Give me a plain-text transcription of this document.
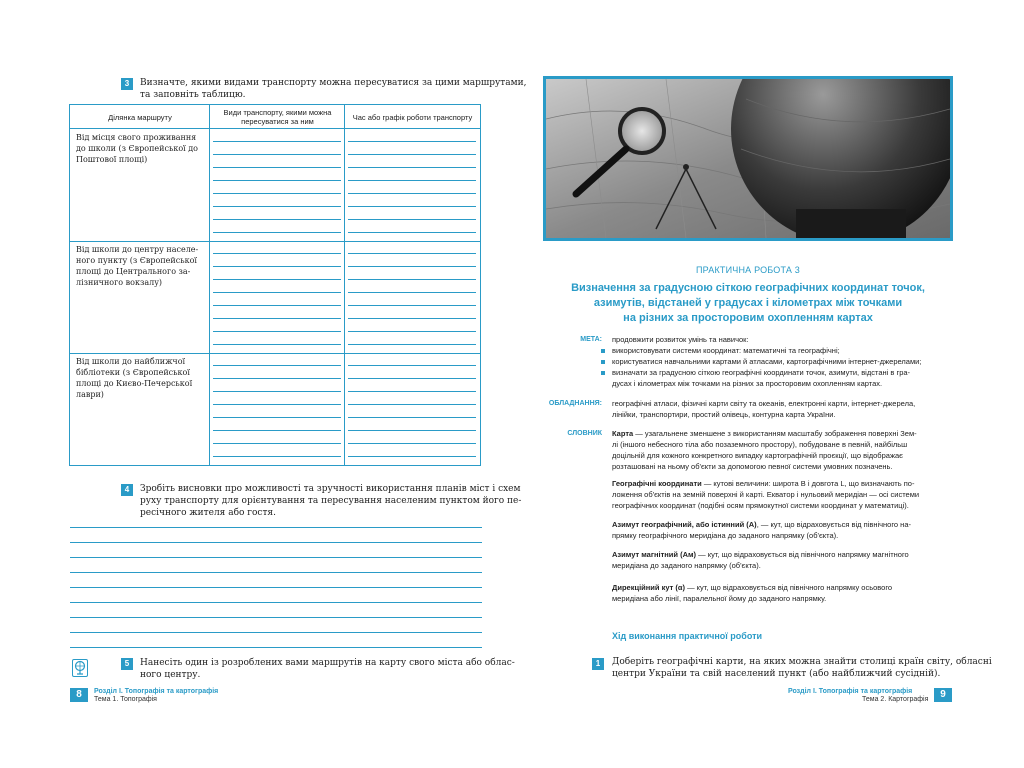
3	Визначте, якими видами транспорту можна пересуватися за цими маршрутами,
та заповніть таблицю.
Ділянка маршруту	Види транспорту, якими можна пересуватися за ним	Час або графік роботи транспорту
Від місця свого проживання
до школи (з Європейської до
Поштової площі)
Від школи до центру населе-
ного пункту (з Європейської
площі до Центрального за-
лізничного вокзалу)
Від школи до найближчої
бібліотеки (з Європейської
площі до Києво-Печерської
лаври)
4	Зробіть висновки про можливості та зручності використання планів міст і схем
руху транспорту для орієнтування та пересування населеним пунктом його пе-
ресічного жителя або гостя.
5	Нанесіть один із розроблених вами маршрутів на карту свого міста або облас-
ного центру.
8	Розділ І. Топографія та картографія
Тема 1. Топографія
ПРАКТИЧНА РОБОТА 3
Визначення за градусною сіткою географічних координат точок,
азимутів, відстаней у градусах і кілометрах між точками
на різних за просторовим охопленням картах
МЕТА: продовжити розвиток умінь та навичок:
використовувати системи координат: математичні та географічні;
користуватися навчальними картами й атласами, картографічними інтернет-джерелами;
визначати за градусною сіткою географічні координати точок, азимути, відстані в гра-
дусах і кілометрах між точками на різних за просторовим охопленням картах.
ОБЛАДНАННЯ: географічні атласи, фізичні карти світу та океанів, електронні карти, інтернет-джерела,
лінійки, транспортири, простий олівець, контурна карта України.
СЛОВНИК Карта — узагальнене зменшене з використанням масштабу зображення поверхні Зем-
лі (іншого небесного тіла або позаземного простору), побудоване в певній, найбільш
доцільній для кожного конкретного випадку картографічній проєкції, що відображає
розташовані на ньому об'єкти за допомогою певної системи умовних позначень.
Географічні координати — кутові величини: широта B і довгота L, що визначають по-
ложення об'єктів на земній поверхні й карті. Екватор і нульовий меридіан — осі системи
географічних координат (подібні осям прямокутної системи координат у математиці).
Азимут географічний, або істинний (А), — кут, що відраховується від північного на-
прямку географічного меридіана до заданого напрямку (об'єкта).
Азимут магнітний (Aм) — кут, що відраховується від північного напрямку магнітного
меридіана до заданого напрямку (об'єкта).
Дирекційний кут (α) — кут, що відраховується від північного напрямку осьового
меридіана або лінії, паралельної йому до заданого напрямку.
Хід виконання практичної роботи
1	Доберіть географічні карти, на яких можна знайти столиці країн світу, обласні
центри України та свій населений пункт (або найближчий сусідній).
Розділ І. Топографія та картографія
Тема 2. Картографія	9
